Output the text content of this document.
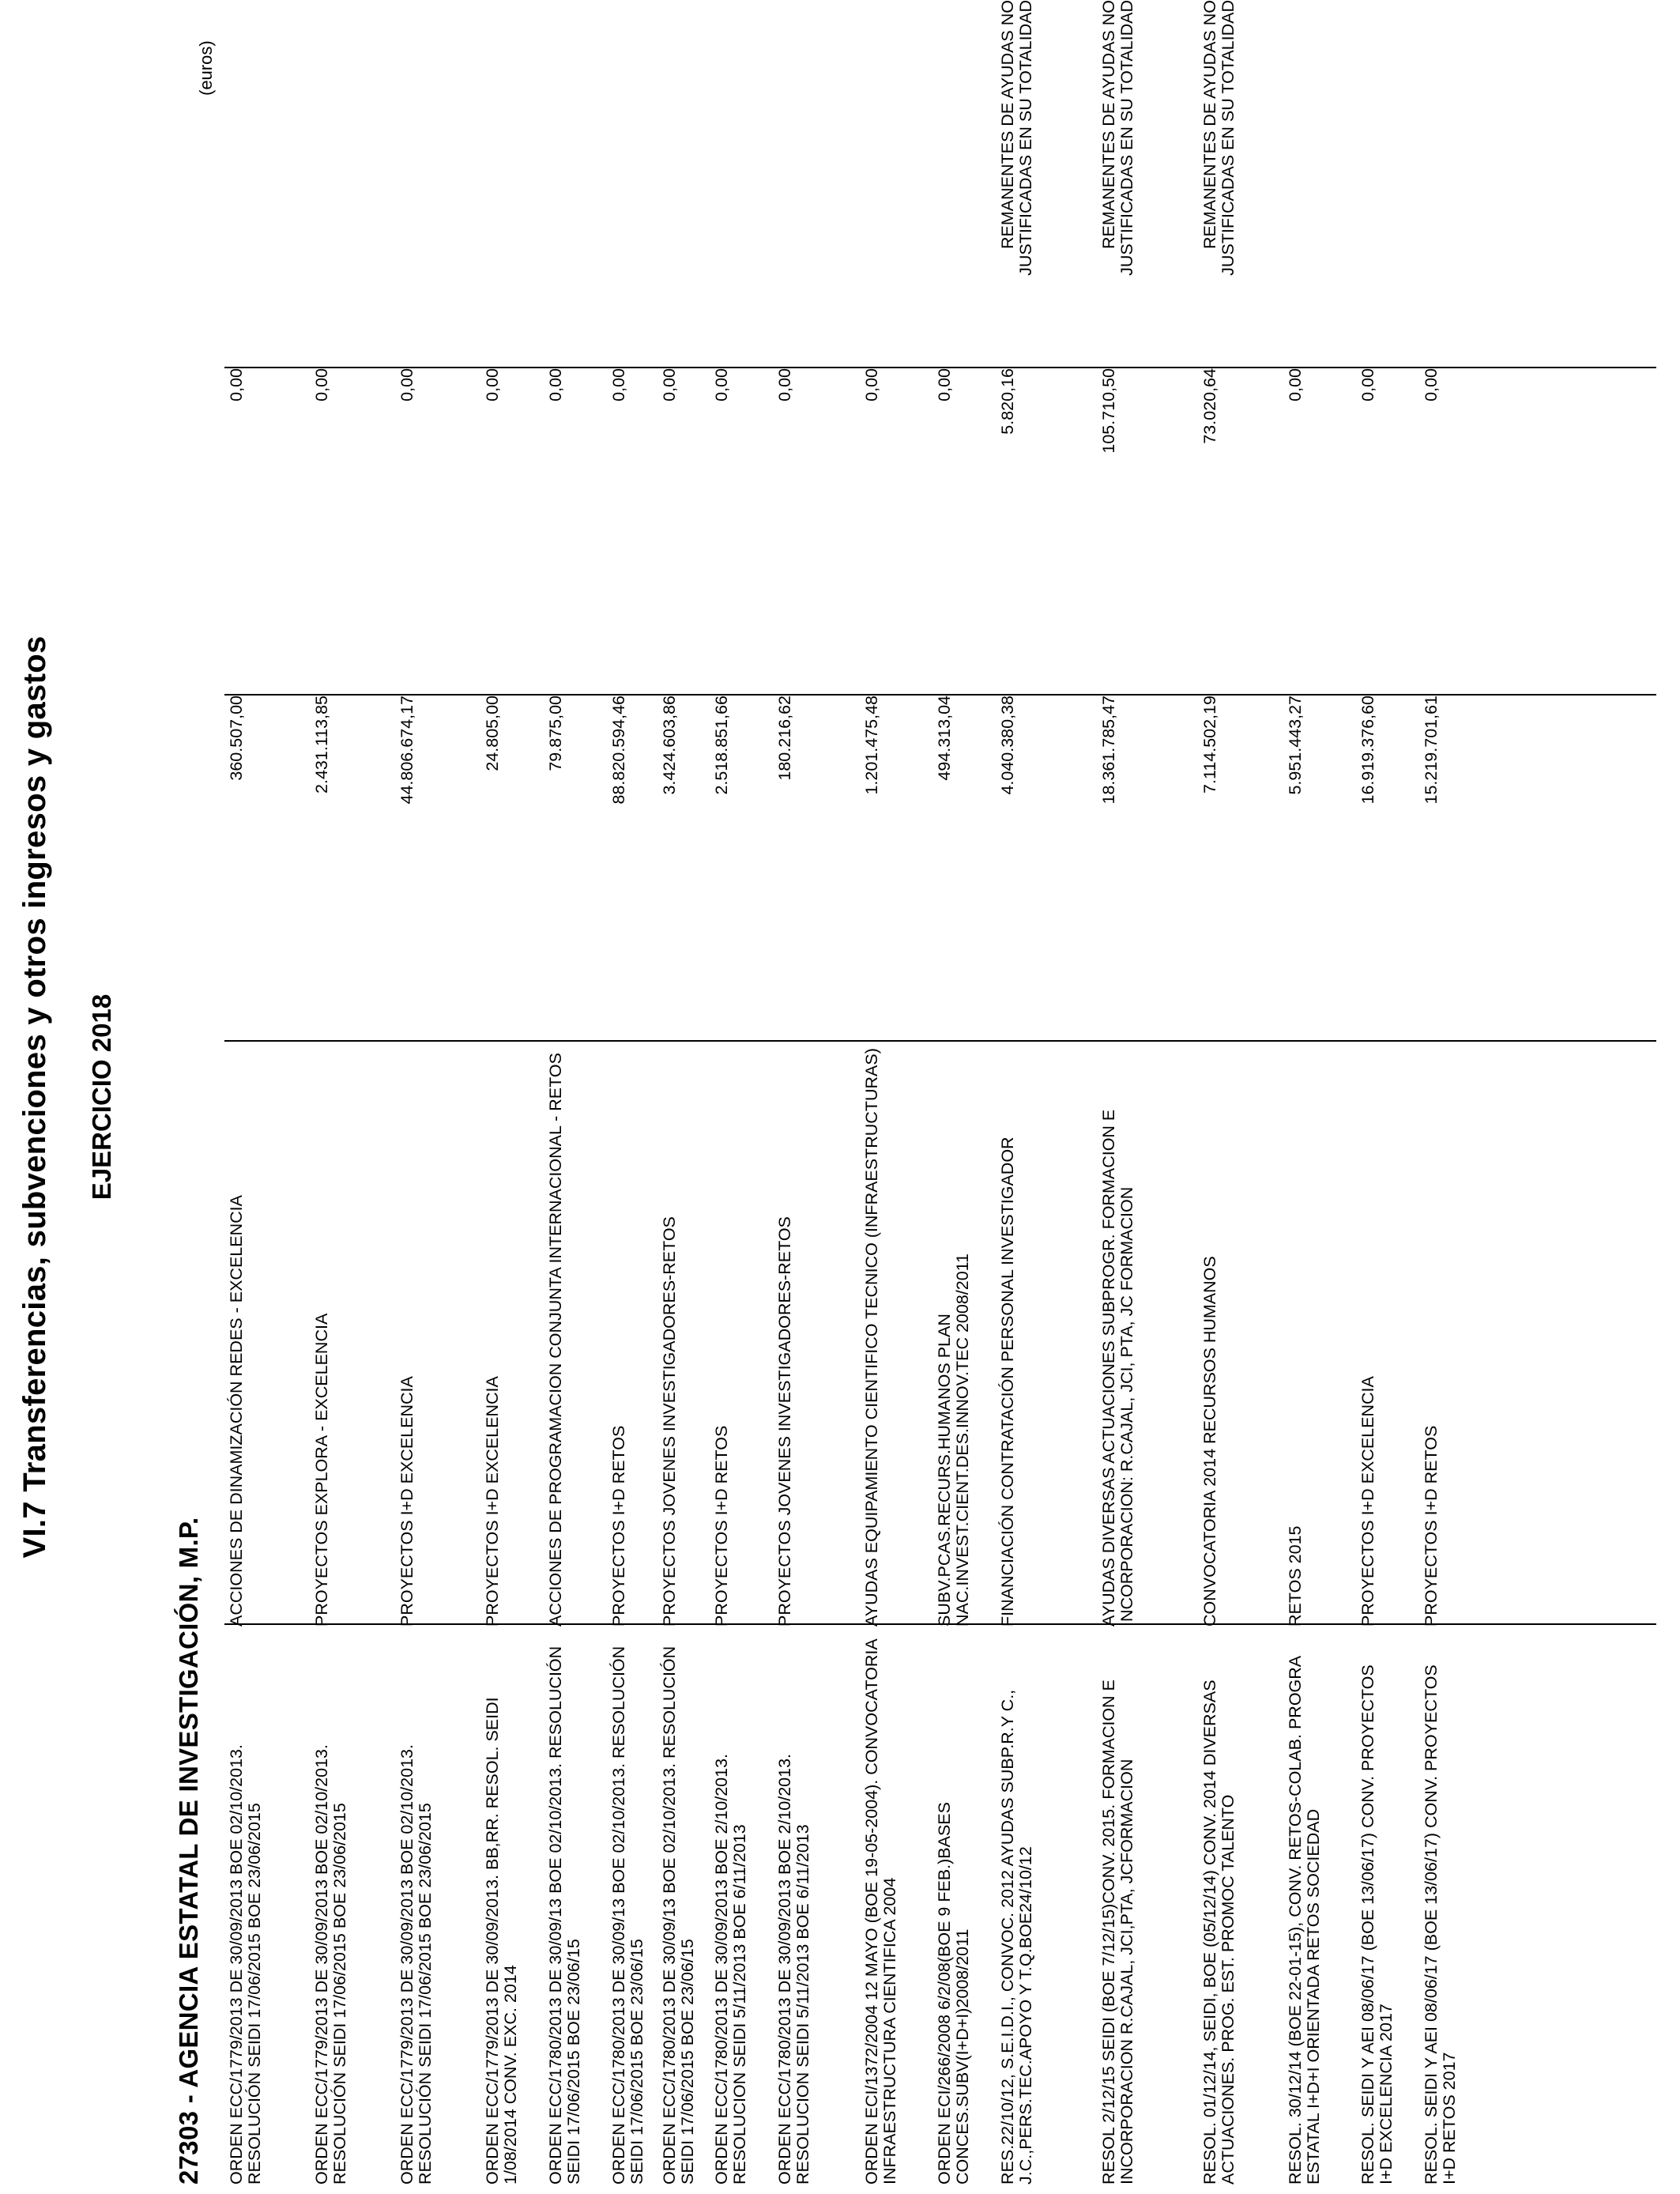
VI.7 Transferencias, subvenciones y otros ingresos y gastos EJERCICIO 2018
(euros)
27303 - AGENCIA ESTATAL DE INVESTIGACIÓN, M.P. ORDEN ECC/1779/2013 DE 30/09/2013 BOE 02/10/2013. RESOLUCIÓN SEIDI 17/06/2015 BOE 23/06/2015
ACCIONES DE DINAMIZACIÓN REDES - EXCELENCIA
360.507,00
0,00
ORDEN ECC/1779/2013 DE 30/09/2013 BOE 02/10/2013. RESOLUCIÓN SEIDI 17/06/2015 BOE 23/06/2015
PROYECTOS EXPLORA - EXCELENCIA
2.431.113,85
0,00
ORDEN ECC/1779/2013 DE 30/09/2013 BOE 02/10/2013. RESOLUCIÓN SEIDI 17/06/2015 BOE 23/06/2015
PROYECTOS I+D EXCELENCIA
44.806.674,17
0,00
ORDEN ECC/1779/2013 DE 30/09/2013. BB,RR. RESOL. SEIDI 1/08/2014 CONV. EXC. 2014
PROYECTOS I+D EXCELENCIA
24.805,00
0,00
ORDEN ECC/1780/2013 DE 30/09/13 BOE 02/10/2013. RESOLUCIÓN SEIDI 17/06/2015 BOE 23/06/15
ACCIONES DE PROGRAMACION CONJUNTA INTERNACIONAL - RETOS
79.875,00
0,00
ORDEN ECC/1780/2013 DE 30/09/13 BOE 02/10/2013. RESOLUCIÓN SEIDI 17/06/2015 BOE 23/06/15
PROYECTOS I+D RETOS
88.820.594,46
0,00
ORDEN ECC/1780/2013 DE 30/09/13 BOE 02/10/2013. RESOLUCIÓN SEIDI 17/06/2015 BOE 23/06/15
PROYECTOS JOVENES INVESTIGADORES-RETOS
3.424.603,86
0,00
ORDEN ECC/1780/2013 DE 30/09/2013 BOE 2/10/2013. RESOLUCION SEIDI 5/11/2013 BOE 6/11/2013
PROYECTOS I+D RETOS
2.518.851,66
0,00
ORDEN ECC/1780/2013 DE 30/09/2013 BOE 2/10/2013. RESOLUCION SEIDI 5/11/2013 BOE 6/11/2013
PROYECTOS JOVENES INVESTIGADORES-RETOS
180.216,62
0,00
ORDEN ECI/1372/2004 12 MAYO (BOE 19-05-2004). CONVOCATORIA INFRAESTRUCTURA CIENTIFICA 2004
AYUDAS EQUIPAMIENTO CIENTIFICO TECNICO (INFRAESTRUCTURAS)
1.201.475,48
0,00
ORDEN ECI/266/2008 6/2/08(BOE 9 FEB.)BASES CONCES.SUBV(I+D+I)2008/2011
SUBV.PCAS.RECURS.HUMANOS PLAN NAC.INVEST.CIENT.DES.INNOV.TEC 2008/2011
494.313,04
0,00
RES.22/10/12, S.E.I.D.I., CONVOC. 2012 AYUDAS SUBP.R.Y C., J.C.,PERS.TEC.APOYO Y T.Q.BOE24/10/12
FINANCIACIÓN CONTRATACIÓN PERSONAL INVESTIGADOR
4.040.380,38
5.820,16
REMANENTES DE AYUDAS NO JUSTIFICADAS EN SU TOTALIDAD
RESOL 2/12/15 SEIDI (BOE 7/12/15)CONV. 2015. FORMACION E INCORPORACION R.CAJAL, JCI,PTA, JCFORMACION
AYUDAS DIVERSAS ACTUACIONES SUBPROGR. FORMACION E INCORPORACION: R.CAJAL, JCI, PTA, JC FORMACION
18.361.785,47
105.710,50
REMANENTES DE AYUDAS NO JUSTIFICADAS EN SU TOTALIDAD
RESOL. 01/12/14, SEIDI, BOE (05/12/14) CONV. 2014 DIVERSAS ACTUACIONES. PROG. EST. PROMOC TALENTO
CONVOCATORIA 2014 RECURSOS HUMANOS
7.114.502,19
73.020,64
REMANENTES DE AYUDAS NO JUSTIFICADAS EN SU TOTALIDAD
RESOL. 30/12/14 (BOE 22-01-15), CONV. RETOS-COLAB. PROGRA ESTATAL I+D+I ORIENTADA RETOS SOCIEDAD
RETOS 2015
5.951.443,27
0,00
RESOL. SEIDI Y AEI 08/06/17 (BOE 13/06/17) CONV. PROYECTOS I+D EXCELENCIA 2017
PROYECTOS I+D EXCELENCIA
16.919.376,60
0,00
RESOL. SEIDI Y AEI 08/06/17 (BOE 13/06/17) CONV. PROYECTOS I+D RETOS 2017
PROYECTOS I+D RETOS
15.219.701,61
0,00
